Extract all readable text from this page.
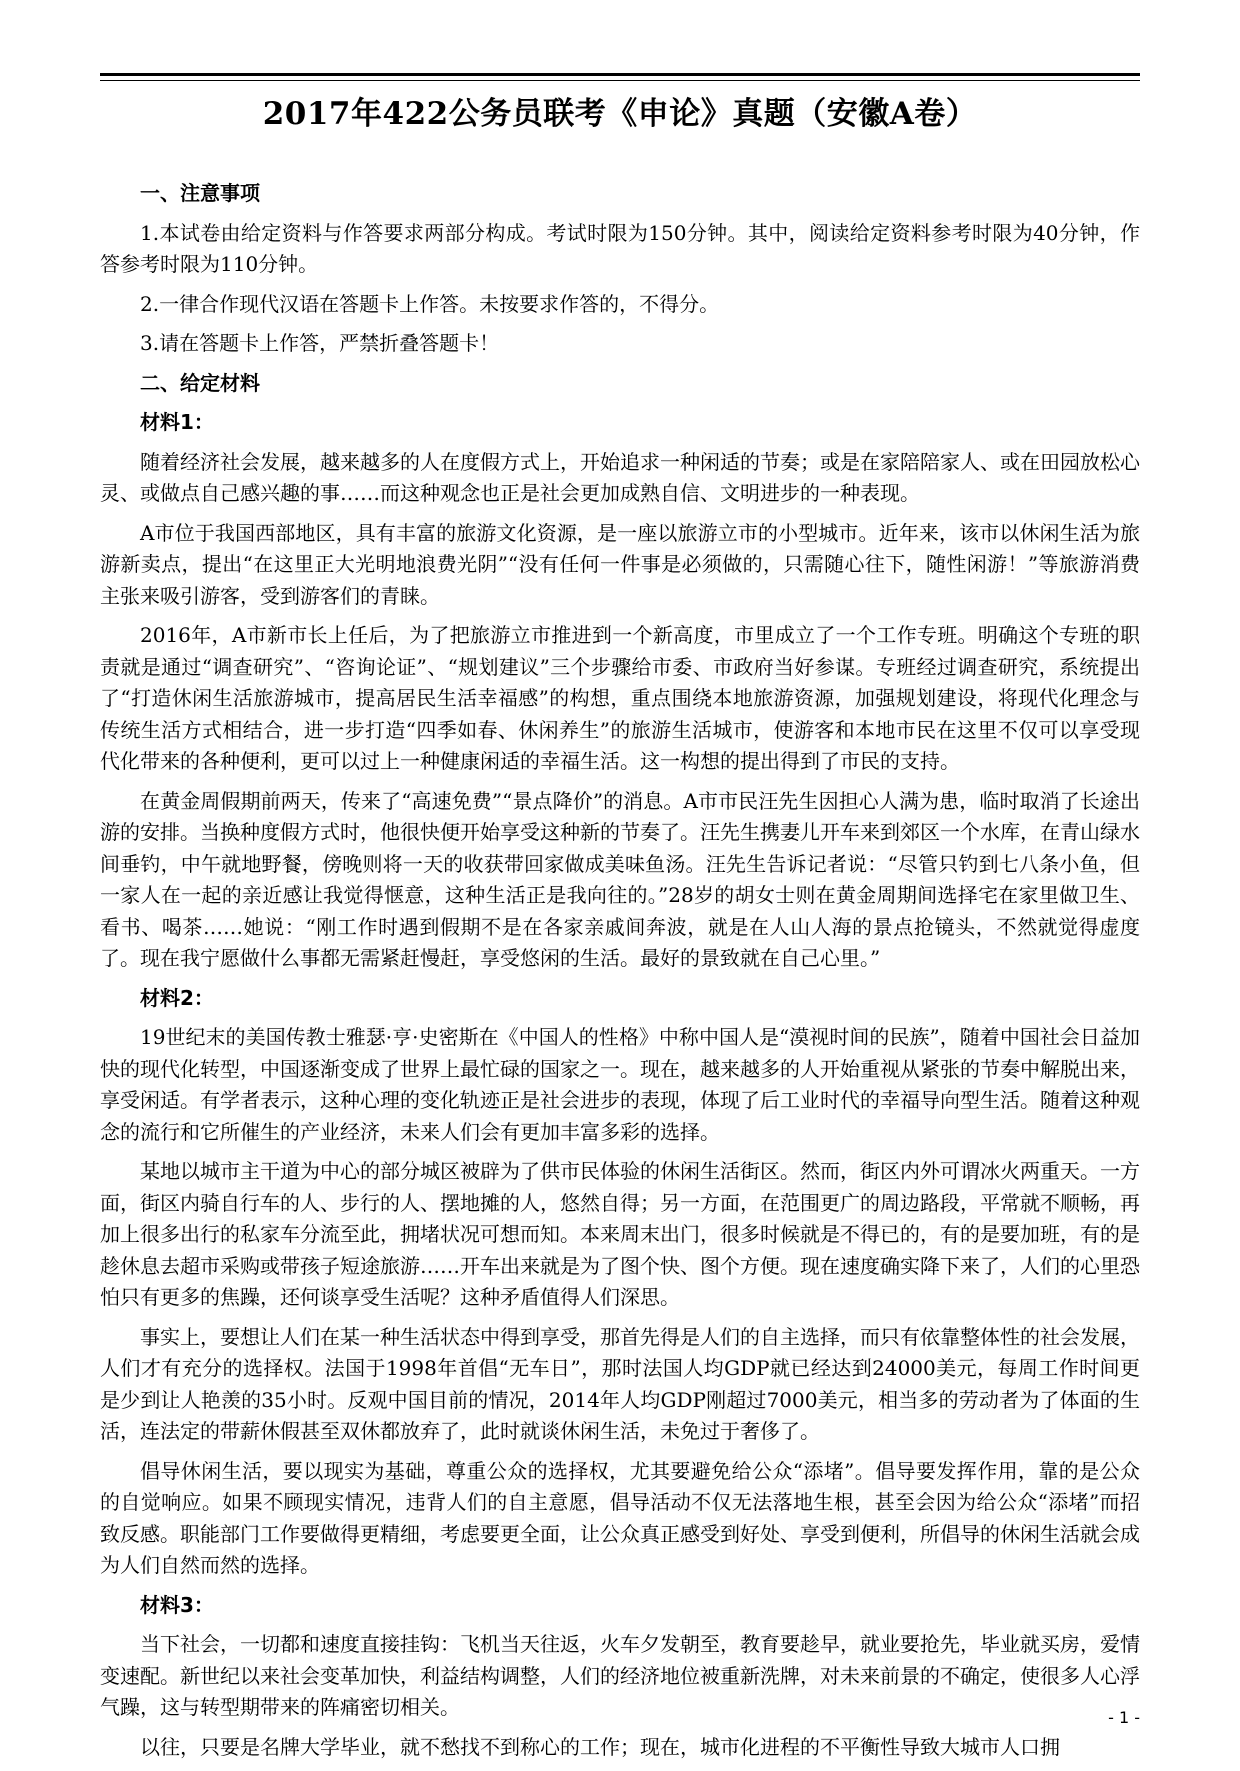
2017年422公务员联考《申论》真题（安徽A卷）
一、注意事项
1.本试卷由给定资料与作答要求两部分构成。考试时限为150分钟。其中，阅读给定资料参考时限为40分钟，作答参考时限为110分钟。
2.一律合作现代汉语在答题卡上作答。未按要求作答的，不得分。
3.请在答题卡上作答，严禁折叠答题卡！
二、给定材料
材料1：
随着经济社会发展，越来越多的人在度假方式上，开始追求一种闲适的节奏；或是在家陪陪家人、或在田园放松心灵、或做点自己感兴趣的事……而这种观念也正是社会更加成熟自信、文明进步的一种表现。
A市位于我国西部地区，具有丰富的旅游文化资源，是一座以旅游立市的小型城市。近年来，该市以休闲生活为旅游新卖点，提出“在这里正大光明地浪费光阴”“没有任何一件事是必须做的，只需随心往下，随性闲游！”等旅游消费主张来吸引游客，受到游客们的青睐。
2016年，A市新市长上任后，为了把旅游立市推进到一个新高度，市里成立了一个工作专班。明确这个专班的职责就是通过“调查研究”、“咨询论证”、“规划建议”三个步骤给市委、市政府当好参谋。专班经过调查研究，系统提出了“打造休闲生活旅游城市，提高居民生活幸福感”的构想，重点围绕本地旅游资源，加强规划建设，将现代化理念与传统生活方式相结合，进一步打造“四季如春、休闲养生”的旅游生活城市，使游客和本地市民在这里不仅可以享受现代化带来的各种便利，更可以过上一种健康闲适的幸福生活。这一构想的提出得到了市民的支持。
在黄金周假期前两天，传来了“高速免费”“景点降价”的消息。A市市民汪先生因担心人满为患，临时取消了长途出游的安排。当换种度假方式时，他很快便开始享受这种新的节奏了。汪先生携妻儿开车来到郊区一个水库，在青山绿水间垂钓，中午就地野餐，傍晚则将一天的收获带回家做成美味鱼汤。汪先生告诉记者说：“尽管只钓到七八条小鱼，但一家人在一起的亲近感让我觉得惬意，这种生活正是我向往的。”28岁的胡女士则在黄金周期间选择宅在家里做卫生、看书、喝茶……她说：“刚工作时遇到假期不是在各家亲戚间奔波，就是在人山人海的景点抢镜头，不然就觉得虚度了。现在我宁愿做什么事都无需紧赶慢赶，享受悠闲的生活。最好的景致就在自己心里。”
材料2：
19世纪末的美国传教士雅瑟·亨·史密斯在《中国人的性格》中称中国人是“漠视时间的民族”，随着中国社会日益加快的现代化转型，中国逐渐变成了世界上最忙碌的国家之一。现在，越来越多的人开始重视从紧张的节奏中解脱出来，享受闲适。有学者表示，这种心理的变化轨迹正是社会进步的表现，体现了后工业时代的幸福导向型生活。随着这种观念的流行和它所催生的产业经济，未来人们会有更加丰富多彩的选择。
某地以城市主干道为中心的部分城区被辟为了供市民体验的休闲生活街区。然而，街区内外可谓冰火两重天。一方面，街区内骑自行车的人、步行的人、摆地摊的人，悠然自得；另一方面，在范围更广的周边路段，平常就不顺畅，再加上很多出行的私家车分流至此，拥堵状况可想而知。本来周末出门，很多时候就是不得已的，有的是要加班，有的是趁休息去超市采购或带孩子短途旅游……开车出来就是为了图个快、图个方便。现在速度确实降下来了，人们的心里恐怕只有更多的焦躁，还何谈享受生活呢？这种矛盾值得人们深思。
事实上，要想让人们在某一种生活状态中得到享受，那首先得是人们的自主选择，而只有依靠整体性的社会发展，人们才有充分的选择权。法国于1998年首倡“无车日”，那时法国人均GDP就已经达到24000美元，每周工作时间更是少到让人艳羡的35小时。反观中国目前的情况，2014年人均GDP刚超过7000美元，相当多的劳动者为了体面的生活，连法定的带薪休假甚至双休都放弃了，此时就谈休闲生活，未免过于奢侈了。
倡导休闲生活，要以现实为基础，尊重公众的选择权，尤其要避免给公众“添堵”。倡导要发挥作用，靠的是公众的自觉响应。如果不顾现实情况，违背人们的自主意愿，倡导活动不仅无法落地生根，甚至会因为给公众“添堵”而招致反感。职能部门工作要做得更精细，考虑要更全面，让公众真正感受到好处、享受到便利，所倡导的休闲生活就会成为人们自然而然的选择。
材料3：
当下社会，一切都和速度直接挂钩：飞机当天往返，火车夕发朝至，教育要趁早，就业要抢先，毕业就买房，爱情变速配。新世纪以来社会变革加快，利益结构调整，人们的经济地位被重新洗牌，对未来前景的不确定，使很多人心浮气躁，这与转型期带来的阵痛密切相关。
以往，只要是名牌大学毕业，就不愁找不到称心的工作；现在，城市化进程的不平衡性导致大城市人口拥
- 1 -
